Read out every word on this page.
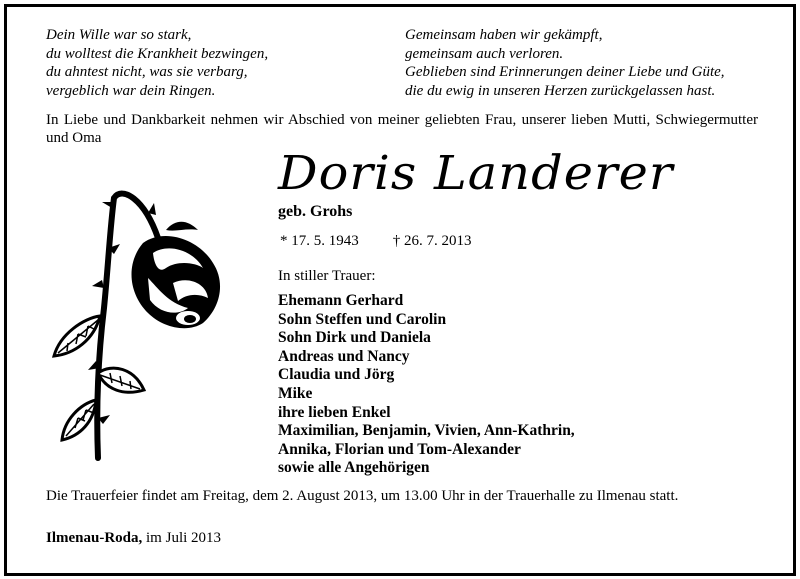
Dein Wille war so stark,
du wolltest die Krankheit bezwingen,
du ahntest nicht, was sie verbarg,
vergeblich war dein Ringen.
Gemeinsam haben wir gekämpft,
gemeinsam auch verloren.
Geblieben sind Erinnerungen deiner Liebe und Güte,
die du ewig in unseren Herzen zurückgelassen hast.
In Liebe und Dankbarkeit nehmen wir Abschied von meiner geliebten Frau, unserer lieben Mutti, Schwiegermutter und Oma
Doris Landerer
geb. Grohs
* 17. 5. 1943 † 26. 7. 2013
In stiller Trauer:
Ehemann Gerhard
Sohn Steffen und Carolin
Sohn Dirk und Daniela
Andreas und Nancy
Claudia und Jörg
Mike
ihre lieben Enkel
Maximilian, Benjamin, Vivien, Ann-Kathrin,
Annika, Florian und Tom-Alexander
sowie alle Angehörigen
Die Trauerfeier findet am Freitag, dem 2. August 2013, um 13.00 Uhr in der Trauerhalle zu Ilmenau statt.
Ilmenau-Roda, im Juli 2013
